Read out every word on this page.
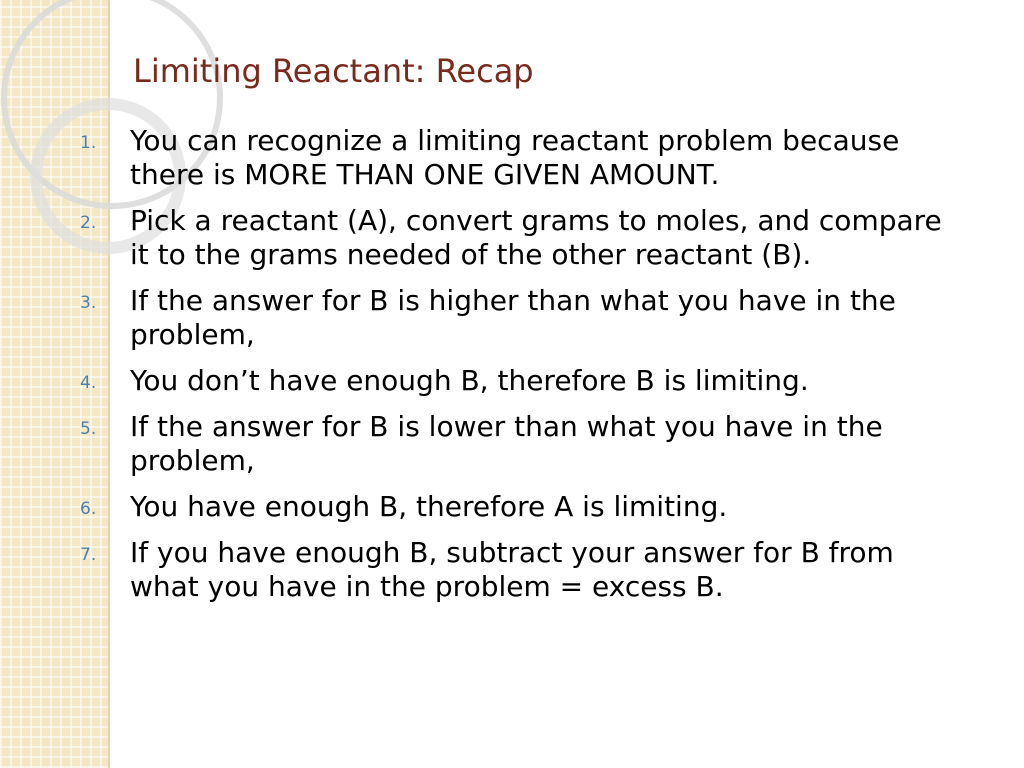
Limiting Reactant: Recap
1.	You can recognize a limiting reactant problem because there is MORE THAN ONE GIVEN AMOUNT.
2.	Pick a reactant (A), convert grams to moles, and compare it to the grams needed of the other reactant (B).
3.	If the answer for B is higher than what you have in the problem,
4.	You don’t have enough B, therefore B is limiting.
5.	If the answer for B is lower than what you have in the problem,
6.	You have enough B, therefore A is limiting.
7.	If you have enough B, subtract your answer for B from what you have in the problem = excess B.
